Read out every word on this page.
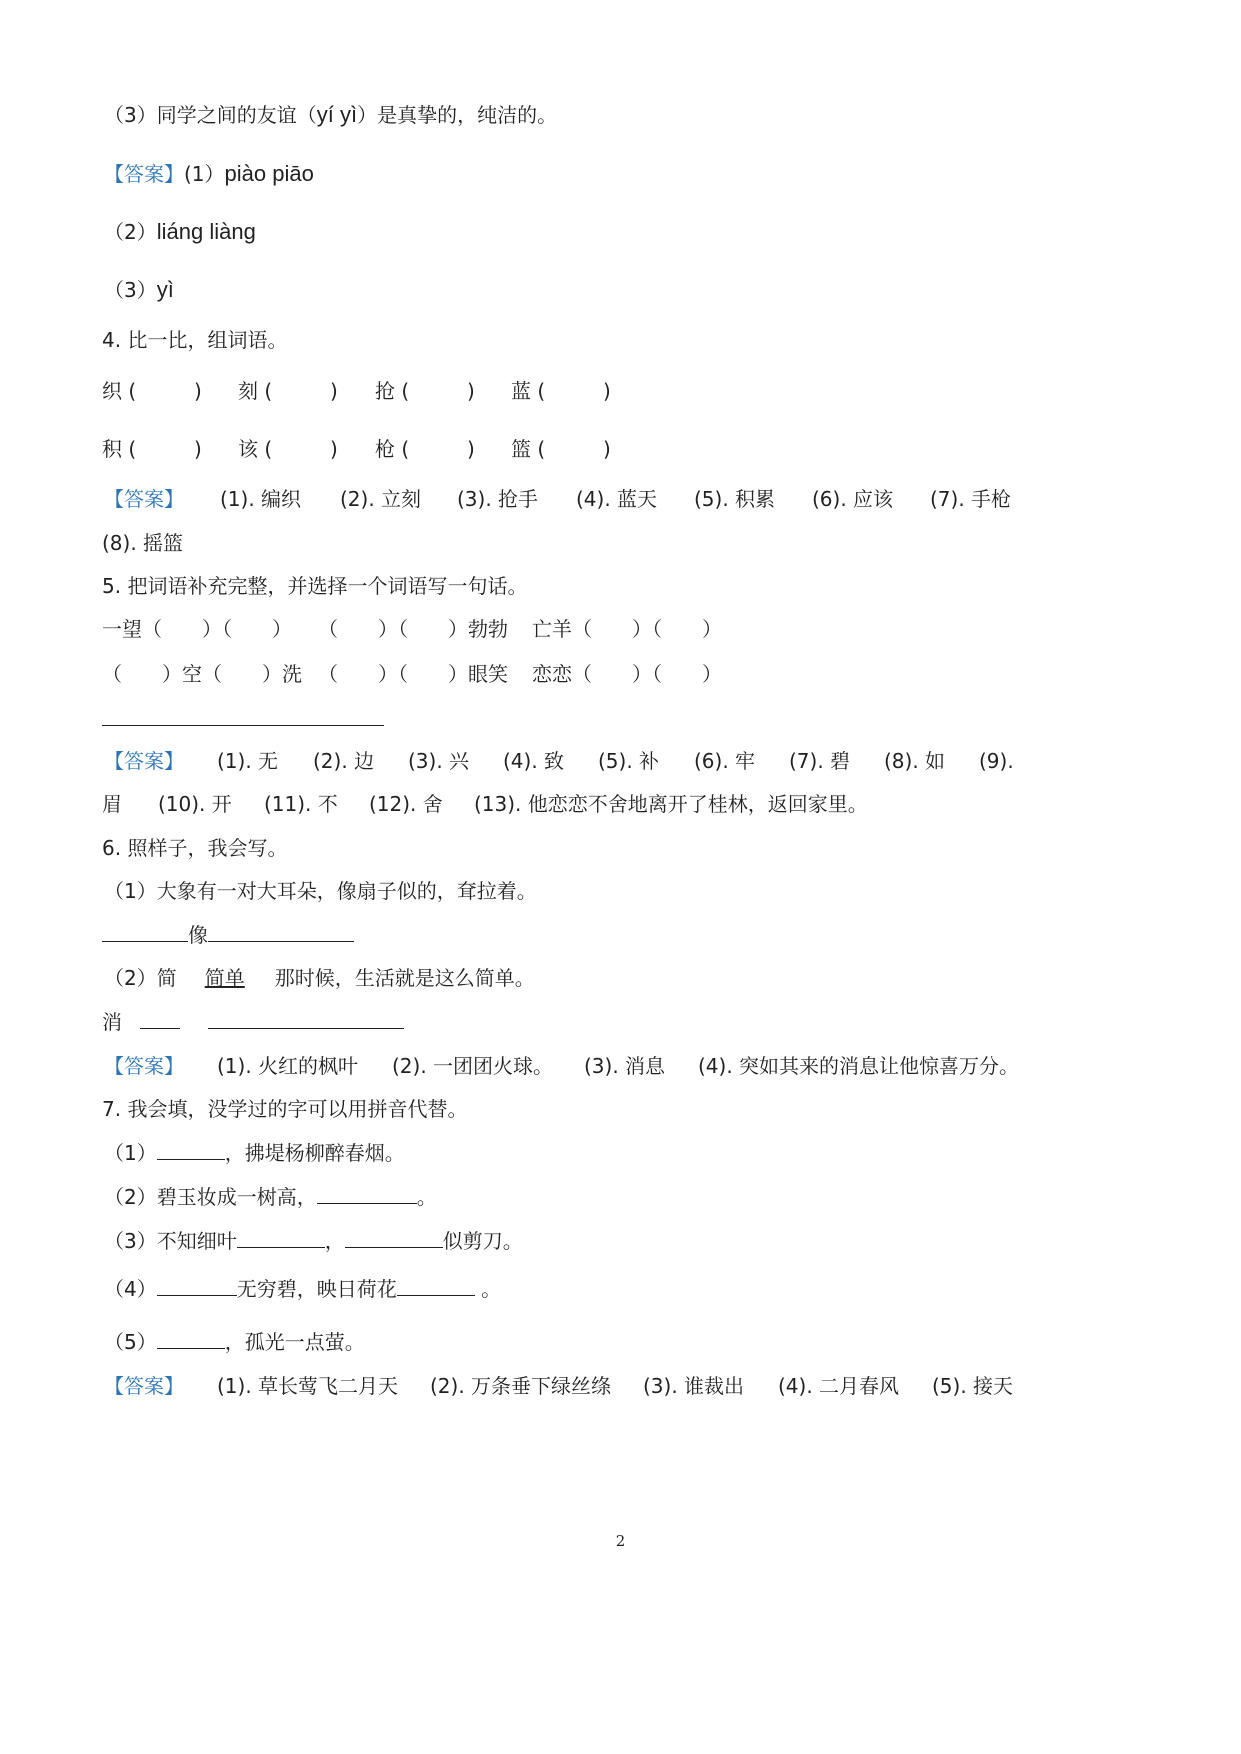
（3）同学之间的友谊（yí yì）是真挚的，纯洁的。
【答案】(1）piào piāo
（2）liáng liàng
（3）yì
4. 比一比，组词语。
织 (	) 刻 (	) 抢 (	) 蓝 (	)
积 (	) 该 (	) 枪 (	) 篮 (	)
【答案】 (1). 编织 (2). 立刻 (3). 抢手 (4). 蓝天 (5). 积累 (6). 应该 (7). 手枪
(8). 摇篮
5. 把词语补充完整，并选择一个词语写一句话。
一望（　　）（　　） （　　）（　　）勃勃 亡羊（　　）（　　）
（　　）空（　　）洗 （　　）（　　）眼笑 恋恋（　　）（　　）
【答案】 (1). 无 (2). 边 (3). 兴 (4). 致 (5). 补 (6). 牢 (7). 碧 (8). 如 (9).
眉 (10). 开 (11). 不 (12). 舍 (13). 他恋恋不舍地离开了桂林，返回家里。
6. 照样子，我会写。
（1）大象有一对大耳朵，像扇子似的，耷拉着。
像
（2）简 简单 那时候，生活就是这么简单。
消
【答案】 (1). 火红的枫叶 (2). 一团团火球。 (3). 消息 (4). 突如其来的消息让他惊喜万分。
7. 我会填，没学过的字可以用拼音代替。
（1）	，拂堤杨柳醉春烟。
（2）碧玉妆成一树高，	。
（3）不知细叶	，	似剪刀。
（4）	无穷碧，映日荷花	。
（5）	，孤光一点萤。
【答案】 (1). 草长莺飞二月天 (2). 万条垂下绿丝绦 (3). 谁裁出 (4). 二月春风 (5). 接天
2
